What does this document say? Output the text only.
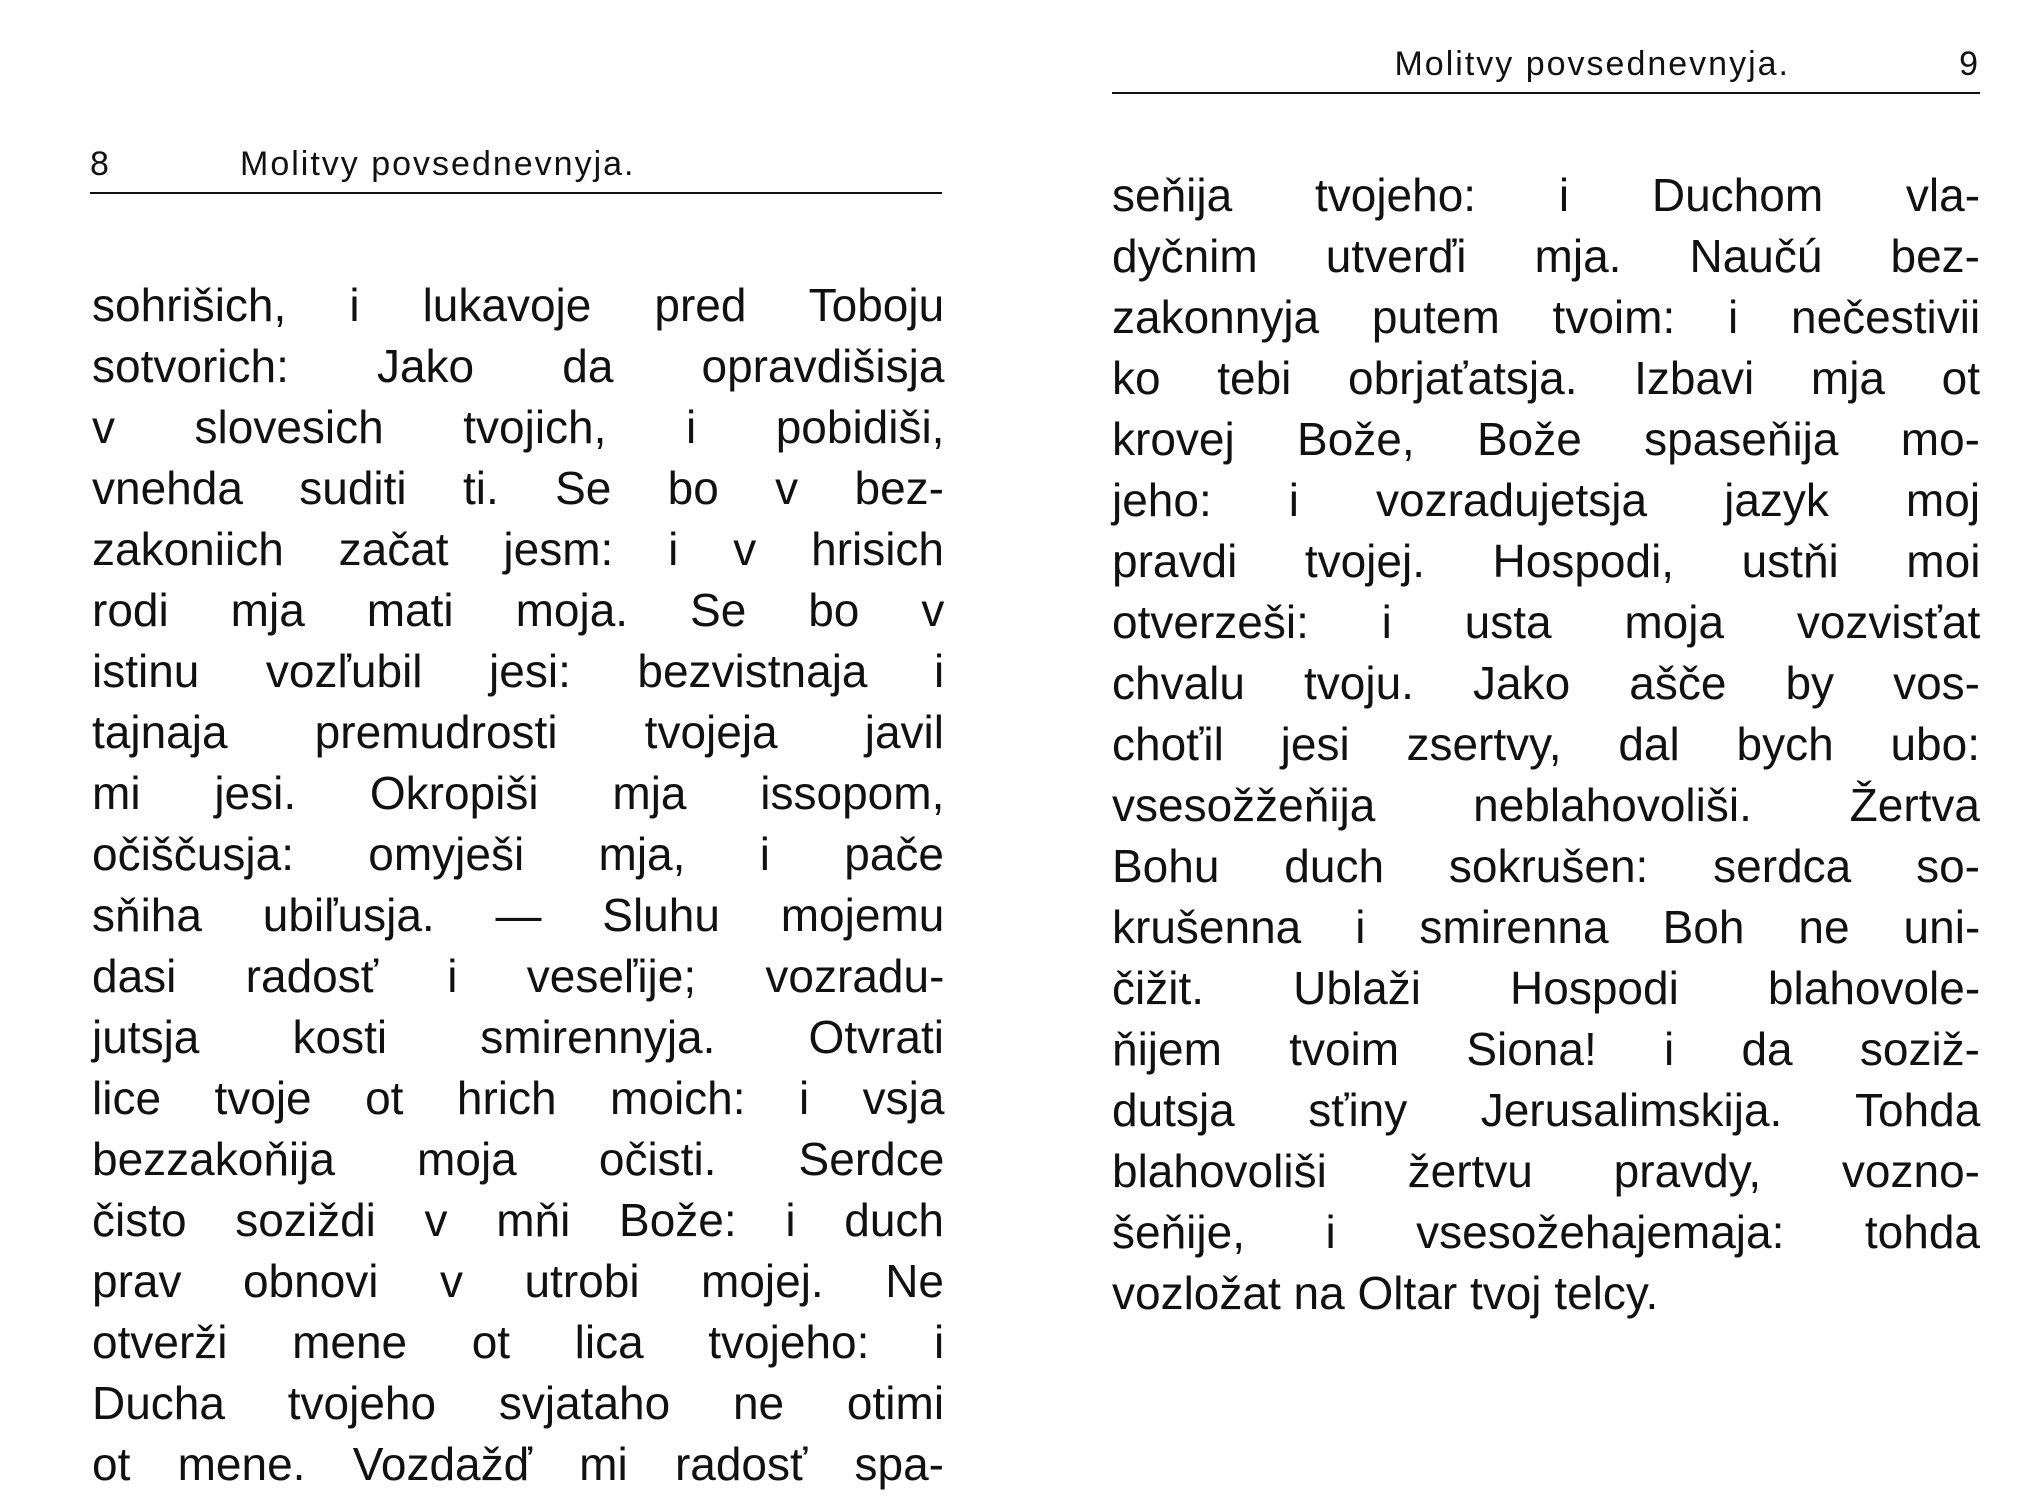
8	Molitvy povsednevnyja.
sohrišich, i lukavoje pred Toboju
sotvorich: Jako da opravdišisja
v slovesich tvojich, i pobidiši,
vnehda suditi ti. Se bo v bez-
zakoniich začat jesm: i v hrisich
rodi mja mati moja. Se bo v
istinu vozľubil jesi: bezvistnaja i
tajnaja premudrosti tvojeja javil
mi jesi. Okropiši mja issopom,
očiščusja: omyješi mja, i pače
sňiha ubiľusja. — Sluhu mojemu
dasi radosť i veseľije; vozradu-
jutsja kosti smirennyja. Otvrati
lice tvoje ot hrich moich: i vsja
bezzakoňija moja očisti. Serdce
čisto soziždi v mňi Bože: i duch
prav obnovi v utrobi mojej. Ne
otverži mene ot lica tvojeho: i
Ducha tvojeho svjataho ne otimi
ot mene. Vozdažď mi radosť spa-
Molitvy povsednevnyja.	9
seňija tvojeho: i Duchom vla-
dyčnim utverďi mja. Naučú bez-
zakonnyja putem tvoim: i nečestivii
ko tebi obrjaťatsja. Izbavi mja ot
krovej Bože, Bože spaseňija mo-
jeho: i vozradujetsja jazyk moj
pravdi tvojej. Hospodi, ustňi moi
otverzeši: i usta moja vozvisťat
chvalu tvoju. Jako ašče by vos-
choťil jesi zsertvy, dal bych ubo:
vsesožžeňija neblahovoliši. Žertva
Bohu duch sokrušen: serdca so-
krušenna i smirenna Boh ne uni-
čižit. Ublaži Hospodi blahovole-
ňijem tvoim Siona! i da soziž-
dutsja sťiny Jerusalimskija. Tohda
blahovoliši žertvu pravdy, vozno-
šeňije, i vsesožehajemaja: tohda
vozložat na Oltar tvoj telcy.
